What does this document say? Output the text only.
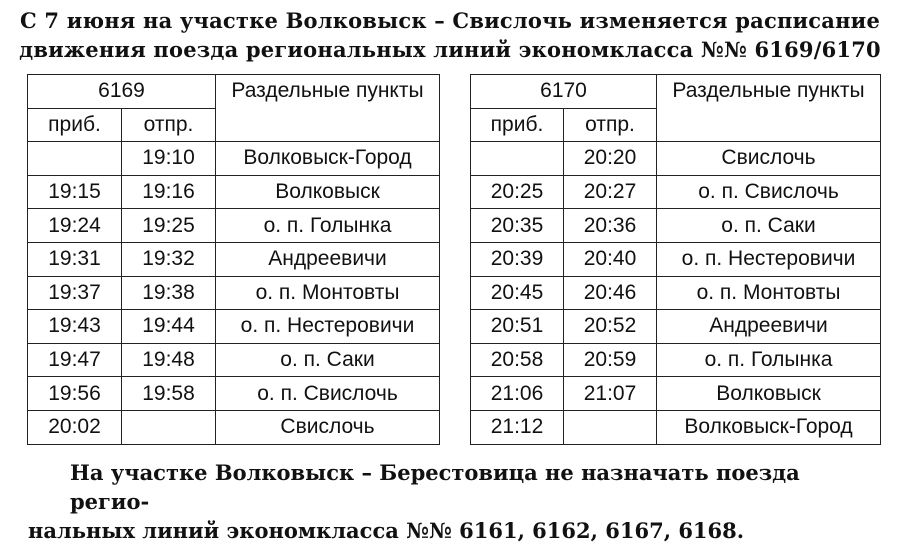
С 7 июня на участке Волковыск – Свислочь изменяется расписание
движения поезда региональных линий экономкласса №№ 6169/6170
6169		Раздельные пункты
приб.	отпр.	
	19:10	Волковыск-Город
19:15	19:16	Волковыск
19:24	19:25	о. п. Голынка
19:31	19:32	Андреевичи
19:37	19:38	о. п. Монтовты
19:43	19:44	о. п. Нестеровичи
19:47	19:48	о. п. Саки
19:56	19:58	о. п. Свислочь
20:02		Свислочь
6170		Раздельные пункты
приб.	отпр.	
	20:20	Свислочь
20:25	20:27	о. п. Свислочь
20:35	20:36	о. п. Саки
20:39	20:40	о. п. Нестеровичи
20:45	20:46	о. п. Монтовты
20:51	20:52	Андреевичи
20:58	20:59	о. п. Голынка
21:06	21:07	Волковыск
21:12		Волковыск-Город
На участке Волковыск – Берестовица не назначать поезда регио-
нальных линий экономкласса №№ 6161, 6162, 6167, 6168.
